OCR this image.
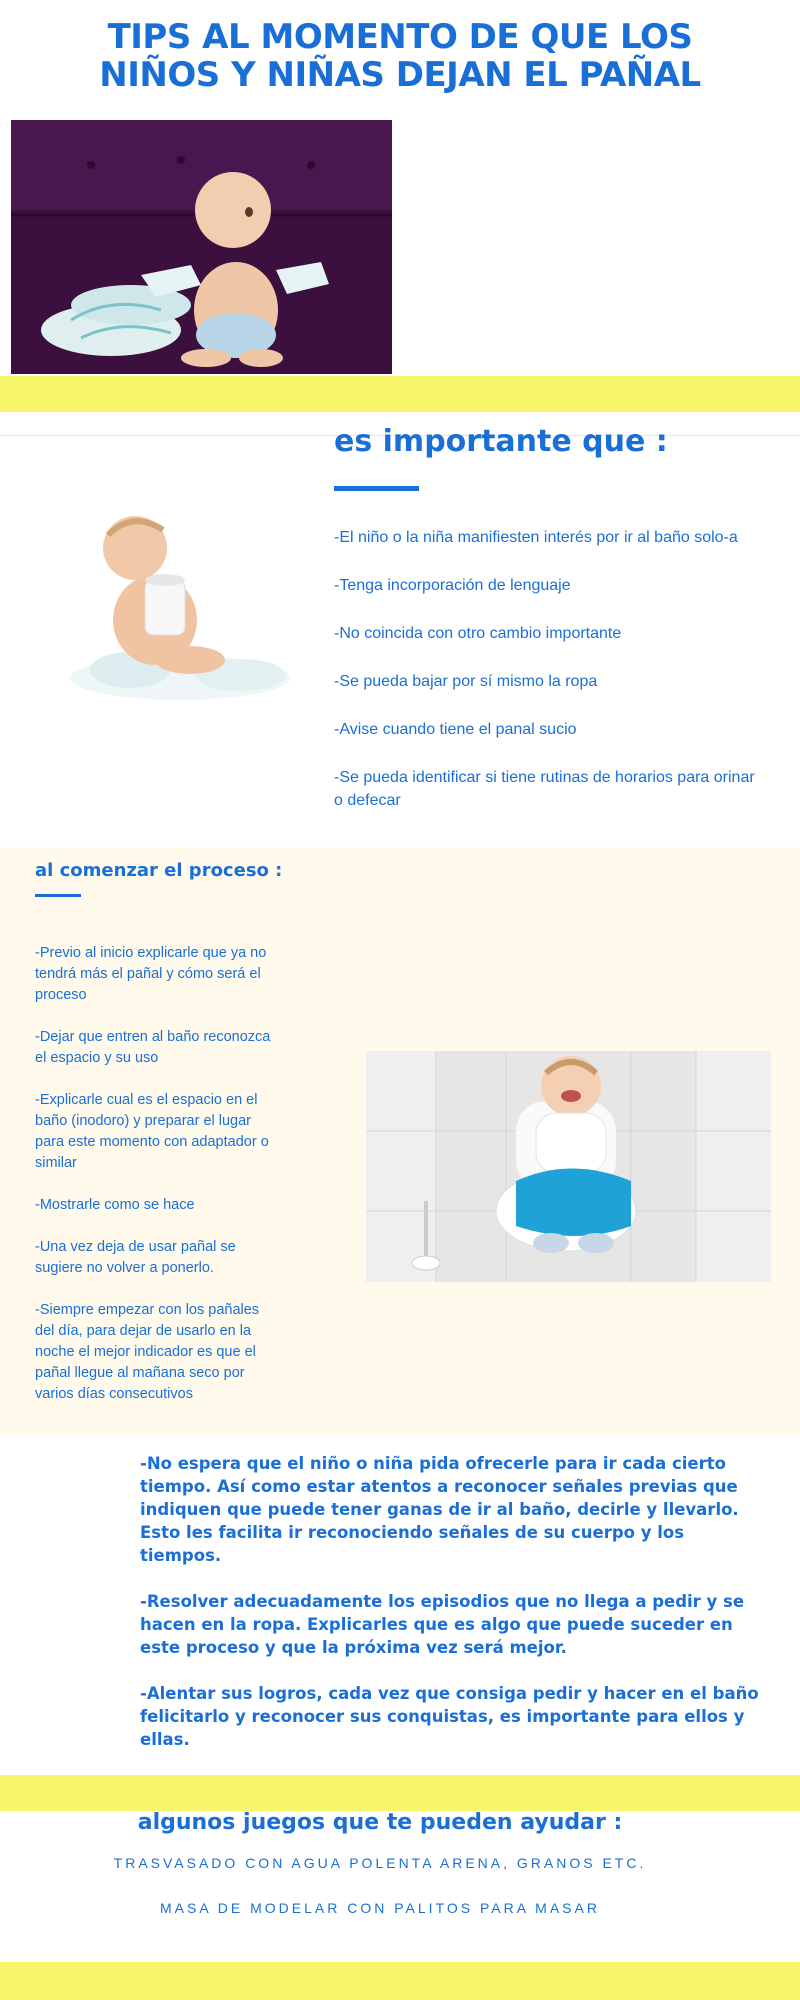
TIPS AL MOMENTO DE QUE LOS
NIÑOS Y NIÑAS DEJAN EL PAÑAL
es importante que :
-El niño o la niña manifiesten interés por ir al baño solo-a
-Tenga incorporación de lenguaje
-No coincida con otro cambio importante
-Se pueda bajar por sí mismo la ropa
-Avise cuando tiene el panal sucio
-Se pueda identificar si tiene rutinas de horarios para orinar o defecar
al comenzar el proceso :
-Previo al inicio explicarle que ya no tendrá más el pañal y cómo será el proceso
-Dejar que entren al baño reconozca el espacio y su uso
-Explicarle cual es el espacio en el baño (inodoro) y preparar el lugar para este momento con adaptador o similar
-Mostrarle como se hace
-Una vez deja de usar pañal se sugiere no volver a ponerlo.
-Siempre empezar con los pañales del día, para dejar de usarlo en la noche el mejor indicador es que el pañal llegue al mañana seco por varios días consecutivos
-No espera que el niño o niña pida ofrecerle para ir cada cierto tiempo. Así como estar atentos a reconocer señales previas que indiquen que puede tener ganas de ir al baño, decirle y llevarlo. Esto les facilita ir reconociendo señales de su cuerpo y los tiempos.
-Resolver adecuadamente los episodios que no llega a pedir y se hacen en la ropa. Explicarles que es algo que puede suceder en este proceso y que la próxima vez será mejor.
-Alentar sus logros, cada vez que consiga pedir y hacer en el baño felicitarlo y reconocer sus conquistas, es importante para ellos y ellas.
algunos juegos que te pueden ayudar :
TRASVASADO CON AGUA POLENTA ARENA, GRANOS ETC.
MASA DE MODELAR CON PALITOS PARA MASAR
